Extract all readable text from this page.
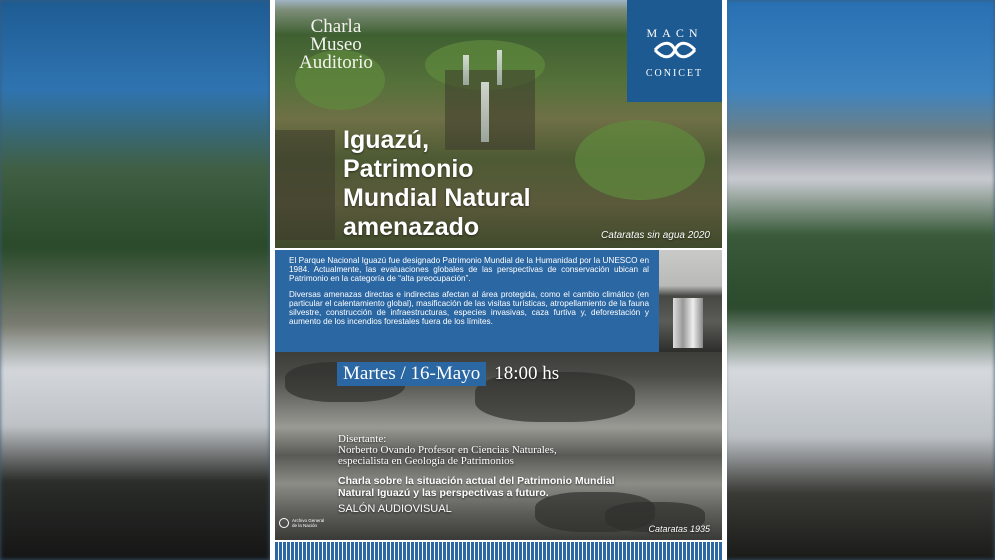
Charla
Museo
Auditorio
MACN
CONICET
Iguazú,
Patrimonio
Mundial Natural
amenazado	Cataratas sin agua 2020

El Parque Nacional Iguazú fue designado Patrimonio Mundial de la Humanidad por la UNESCO en 1984. Actualmente, las evaluaciones globales de las perspectivas de conservación ubican al Patrimonio en la categoría de “alta preocupación”.

Diversas amenazas directas e indirectas afectan al área protegida, como el cambio climático (en particular el calentamiento global), masificación de las visitas turísticas, atropellamiento de la fauna silvestre, construcción de infraestructuras, especies invasivas, caza furtiva y, deforestación y aumento de los incendios forestales fuera de los límites.

Martes / 16-Mayo 18:00 hs
Disertante:
Norberto Ovando Profesor en Ciencias Naturales,
especialista en Geología de Patrimonios
Charla sobre la situación actual del Patrimonio Mundial
Natural Iguazú y las perspectivas a futuro.
SALÓN AUDIOVISUAL
Cataratas 1935
Archivo General
de la Nación
